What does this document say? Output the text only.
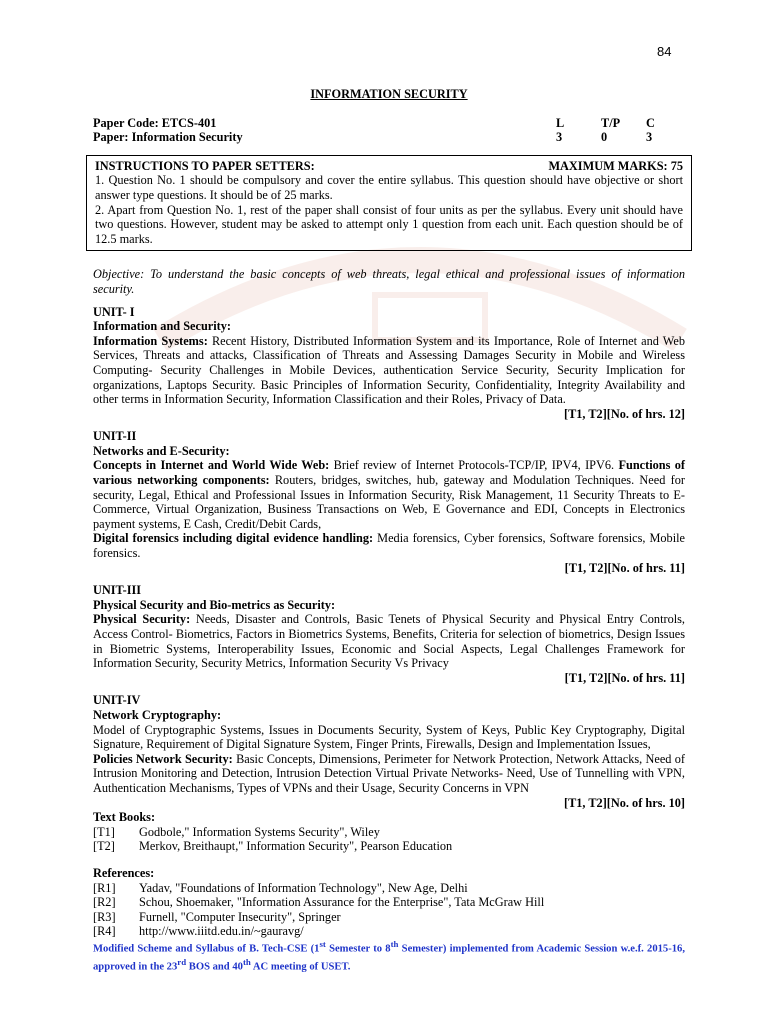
84
INFORMATION SECURITY
Paper Code: ETCS-401	L	T/P	C
Paper: Information Security	3	0	3
INSTRUCTIONS TO PAPER SETTERS:	MAXIMUM MARKS: 75
1. Question No. 1 should be compulsory and cover the entire syllabus. This question should have objective or short answer type questions. It should be of 25 marks.
2. Apart from Question No. 1, rest of the paper shall consist of four units as per the syllabus. Every unit should have two questions. However, student may be asked to attempt only 1 question from each unit. Each question should be of 12.5 marks.
Objective: To understand the basic concepts of web threats, legal ethical and professional issues of information security.
UNIT- I
Information and Security:

Information Systems: Recent History, Distributed Information System and its Importance, Role of Internet and Web Services, Threats and attacks, Classification of Threats and Assessing Damages Security in Mobile and Wireless Computing- Security Challenges in Mobile Devices, authentication Service Security, Security Implication for organizations, Laptops Security. Basic Principles of Information Security, Confidentiality, Integrity Availability and other terms in Information Security, Information Classification and their Roles, Privacy of Data.

[T1, T2][No. of hrs. 12]
UNIT-II
Networks and E-Security:

Concepts in Internet and World Wide Web: Brief review of Internet Protocols-TCP/IP, IPV4, IPV6. Functions of various networking components: Routers, bridges, switches, hub, gateway and Modulation Techniques. Need for security, Legal, Ethical and Professional Issues in Information Security, Risk Management, 11 Security Threats to E-Commerce, Virtual Organization, Business Transactions on Web, E Governance and EDI, Concepts in Electronics payment systems, E Cash, Credit/Debit Cards,

Digital forensics including digital evidence handling: Media forensics, Cyber forensics, Software forensics, Mobile forensics.

[T1, T2][No. of hrs. 11]
UNIT-III
Physical Security and Bio-metrics as Security:

Physical Security: Needs, Disaster and Controls, Basic Tenets of Physical Security and Physical Entry Controls, Access Control- Biometrics, Factors in Biometrics Systems, Benefits, Criteria for selection of biometrics, Design Issues in Biometric Systems, Interoperability Issues, Economic and Social Aspects, Legal Challenges Framework for Information Security, Security Metrics, Information Security Vs Privacy

[T1, T2][No. of hrs. 11]
UNIT-IV
Network Cryptography:

Model of Cryptographic Systems, Issues in Documents Security, System of Keys, Public Key Cryptography, Digital Signature, Requirement of Digital Signature System, Finger Prints, Firewalls, Design and Implementation Issues,

Policies Network Security: Basic Concepts, Dimensions, Perimeter for Network Protection, Network Attacks, Need of Intrusion Monitoring and Detection, Intrusion Detection Virtual Private Networks- Need, Use of Tunnelling with VPN, Authentication Mechanisms, Types of VPNs and their Usage, Security Concerns in VPN

[T1, T2][No. of hrs. 10]
Text Books:
[T1]	Godbole," Information Systems Security", Wiley
[T2]	Merkov, Breithaupt," Information Security", Pearson Education
References:
[R1]	Yadav, "Foundations of Information Technology", New Age, Delhi
[R2]	Schou, Shoemaker, "Information Assurance for the Enterprise", Tata McGraw Hill
[R3]	Furnell, "Computer Insecurity", Springer
[R4]	http://www.iiitd.edu.in/~gauravg/
Modified Scheme and Syllabus of B. Tech-CSE (1st Semester to 8th Semester) implemented from Academic Session w.e.f. 2015-16, approved in the 23rd BOS and 40th AC meeting of USET.
